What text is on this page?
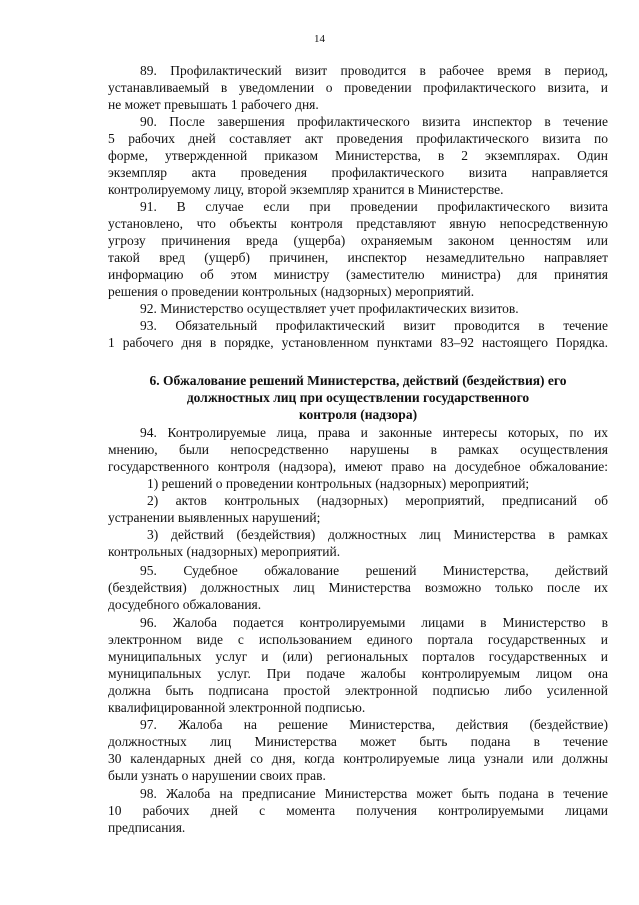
14
89. Профилактический визит проводится в рабочее время в период,
устанавливаемый в уведомлении о проведении профилактического визита, и
не может превышать 1 рабочего дня.
90. После завершения профилактического визита инспектор в течение
5 рабочих дней составляет акт проведения профилактического визита по
форме, утвержденной приказом Министерства, в 2 экземплярах. Один
экземпляр акта проведения профилактического визита направляется
контролируемому лицу, второй экземпляр хранится в Министерстве.
91. В случае если при проведении профилактического визита
установлено, что объекты контроля представляют явную непосредственную
угрозу причинения вреда (ущерба) охраняемым законом ценностям или
такой вред (ущерб) причинен, инспектор незамедлительно направляет
информацию об этом министру (заместителю министра) для принятия
решения о проведении контрольных (надзорных) мероприятий.
92. Министерство осуществляет учет профилактических визитов.
93. Обязательный профилактический визит проводится в течение
1 рабочего дня в порядке, установленном пунктами 83–92 настоящего Порядка.
6. Обжалование решений Министерства, действий (бездействия) его
должностных лиц при осуществлении государственного
контроля (надзора)
94. Контролируемые лица, права и законные интересы которых, по их
мнению, были непосредственно нарушены в рамках осуществления
государственного контроля (надзора), имеют право на досудебное обжалование:
1) решений о проведении контрольных (надзорных) мероприятий;
2) актов контрольных (надзорных) мероприятий, предписаний об
устранении выявленных нарушений;
3) действий (бездействия) должностных лиц Министерства в рамках
контрольных (надзорных) мероприятий.
95. Судебное обжалование решений Министерства, действий
(бездействия) должностных лиц Министерства возможно только после их
досудебного обжалования.
96. Жалоба подается контролируемыми лицами в Министерство в
электронном виде с использованием единого портала государственных и
муниципальных услуг и (или) региональных порталов государственных и
муниципальных услуг. При подаче жалобы контролируемым лицом она
должна быть подписана простой электронной подписью либо усиленной
квалифицированной электронной подписью.
97. Жалоба на решение Министерства, действия (бездействие)
должностных лиц Министерства может быть подана в течение
30 календарных дней со дня, когда контролируемые лица узнали или должны
были узнать о нарушении своих прав.
98. Жалоба на предписание Министерства может быть подана в течение
10 рабочих дней с момента получения контролируемыми лицами
предписания.
